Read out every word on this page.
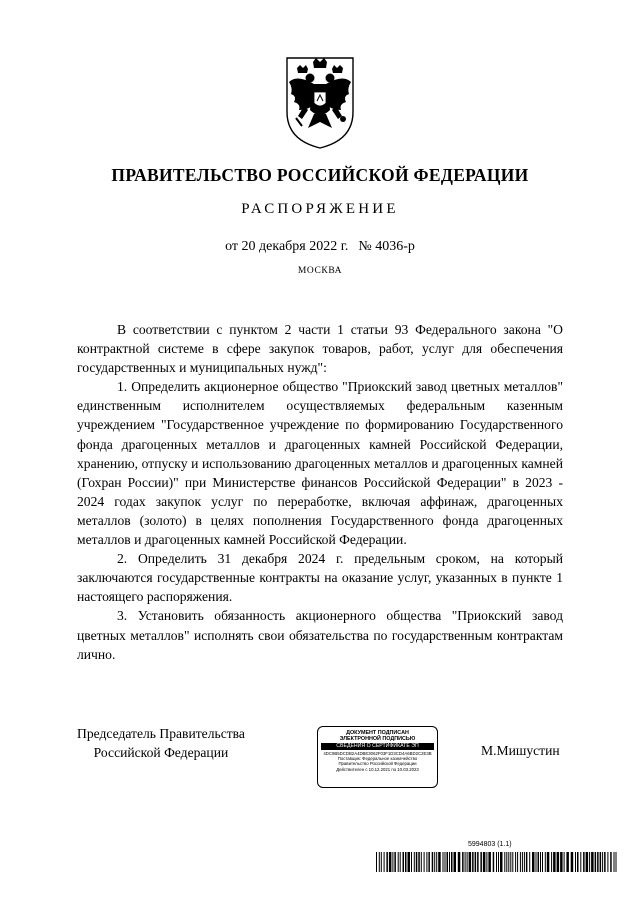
ПРАВИТЕЛЬСТВО РОССИЙСКОЙ ФЕДЕРАЦИИ
РАСПОРЯЖЕНИЕ
от 20 декабря 2022 г. № 4036-р
МОСКВА

В соответствии с пунктом 2 части 1 статьи 93 Федерального закона "О контрактной системе в сфере закупок товаров, работ, услуг для обеспечения государственных и муниципальных нужд":

1. Определить акционерное общество "Приокский завод цветных металлов" единственным исполнителем осуществляемых федеральным казенным учреждением "Государственное учреждение по формированию Государственного фонда драгоценных металлов и драгоценных камней Российской Федерации, хранению, отпуску и использованию драгоценных металлов и драгоценных камней (Гохран России)" при Министерстве финансов Российской Федерации" в 2023 - 2024 годах закупок услуг по переработке, включая аффинаж, драгоценных металлов (золото) в целях пополнения Государственного фонда драгоценных металлов и драгоценных камней Российской Федерации.

2. Определить 31 декабря 2024 г. предельным сроком, на который заключаются государственные контракты на оказание услуг, указанных в пункте 1 настоящего распоряжения.

3. Установить обязанность акционерного общества "Приокский завод цветных металлов" исполнять свои обязательства по государственным контрактам лично.

Председатель Правительства
Российской Федерации
ДОКУМЕНТ ПОДПИСАН
ЭЛЕКТРОННОЙ ПОДПИСЬЮ
СВЕДЕНИЯ О СЕРТИФИКАТЕ ЭП
4DC9B5DCDB2A4DBE3062F03F1D3CD4A6BD2C2E3B
Поставщик: Федеральное казначейство
Правительство Российской Федерации
Действителен с 10.12.2021 по 10.03.2023
М.Мишустин
5994803 (1.1)
